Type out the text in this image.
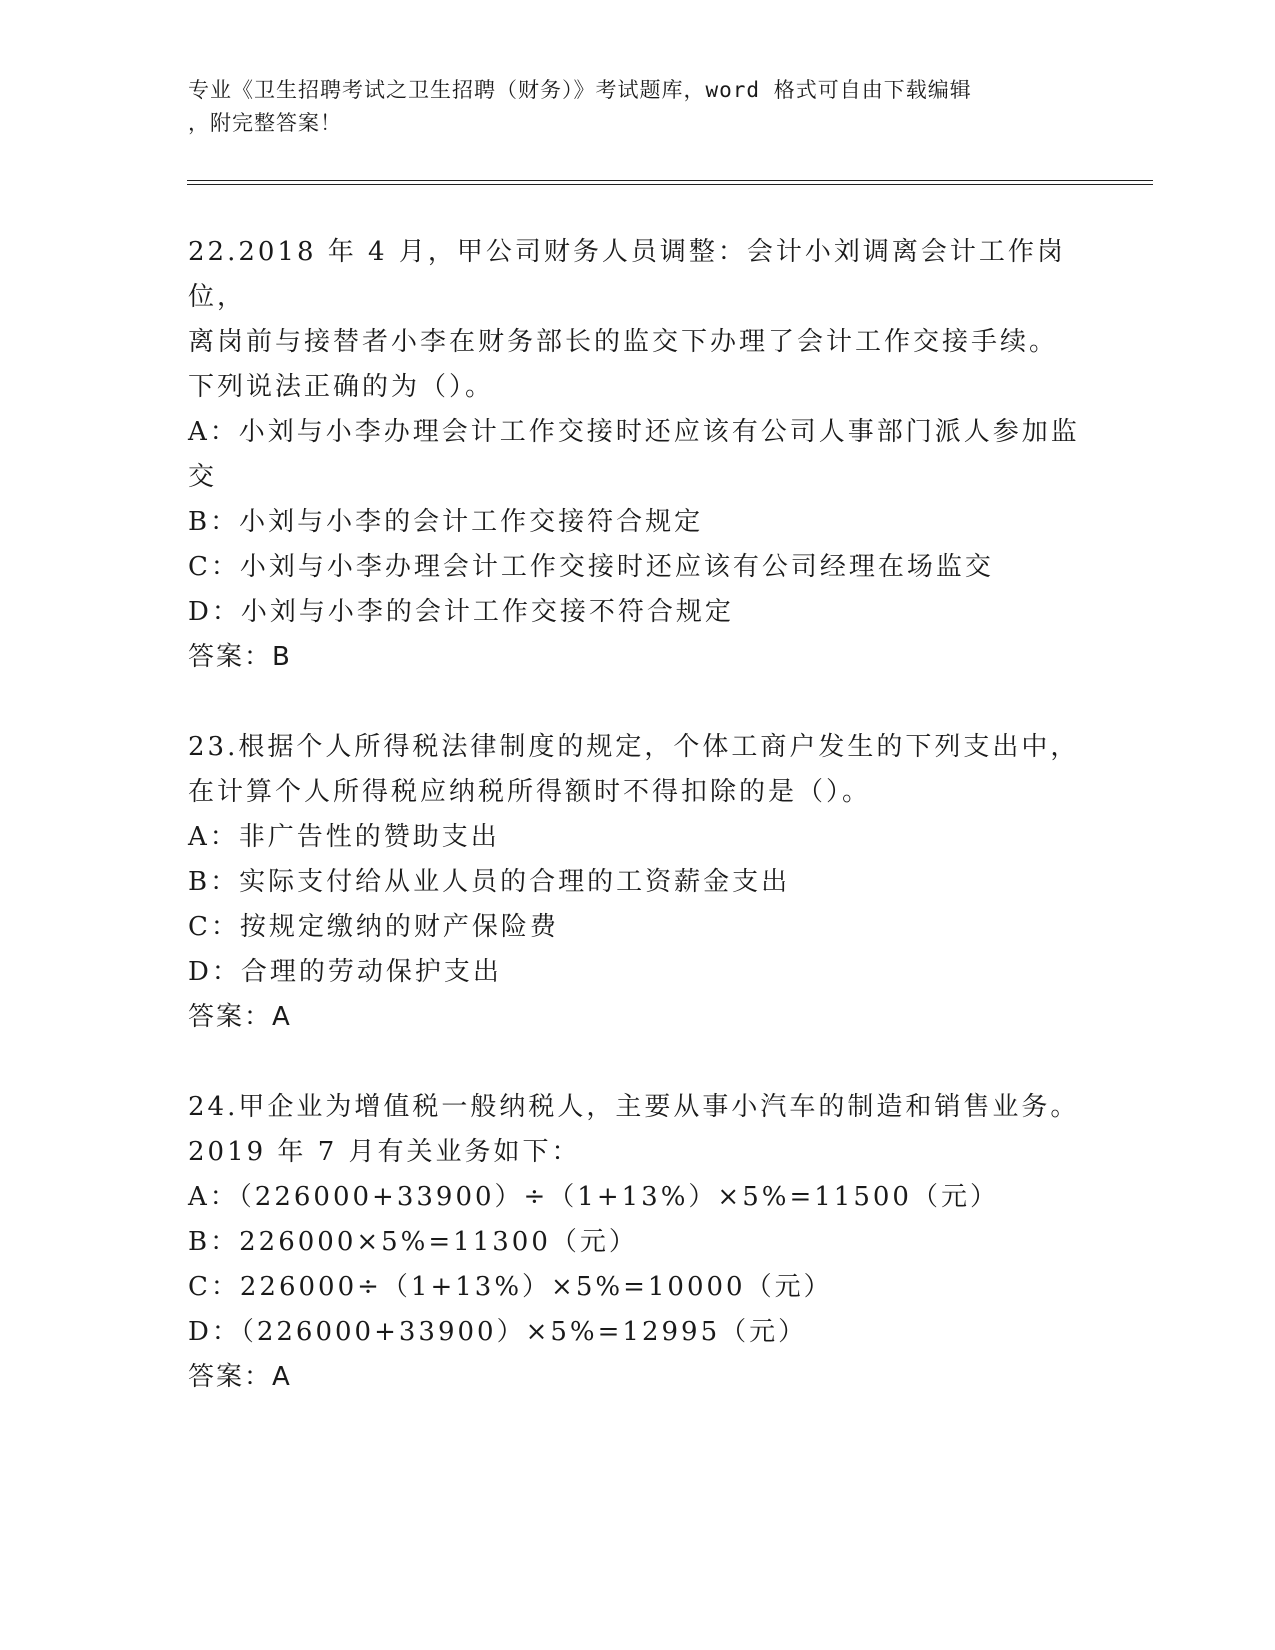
专业《卫生招聘考试之卫生招聘（财务）》考试题库，word 格式可自由下载编辑
，附完整答案！
22.2018 年 4 月，甲公司财务人员调整：会计小刘调离会计工作岗位，
离岗前与接替者小李在财务部长的监交下办理了会计工作交接手续。
下列说法正确的为（）。
A：小刘与小李办理会计工作交接时还应该有公司人事部门派人参加监
交
B：小刘与小李的会计工作交接符合规定
C：小刘与小李办理会计工作交接时还应该有公司经理在场监交
D：小刘与小李的会计工作交接不符合规定
答案：B
23.根据个人所得税法律制度的规定，个体工商户发生的下列支出中，
在计算个人所得税应纳税所得额时不得扣除的是（）。
A：非广告性的赞助支出
B：实际支付给从业人员的合理的工资薪金支出
C：按规定缴纳的财产保险费
D：合理的劳动保护支出
答案：A
24.甲企业为增值税一般纳税人，主要从事小汽车的制造和销售业务。
2019 年 7 月有关业务如下：
A：（226000+33900）÷（1+13%）×5%=11500（元）
B：226000×5%=11300（元）
C：226000÷（1+13%）×5%=10000（元）
D：（226000+33900）×5%=12995（元）
答案：A
